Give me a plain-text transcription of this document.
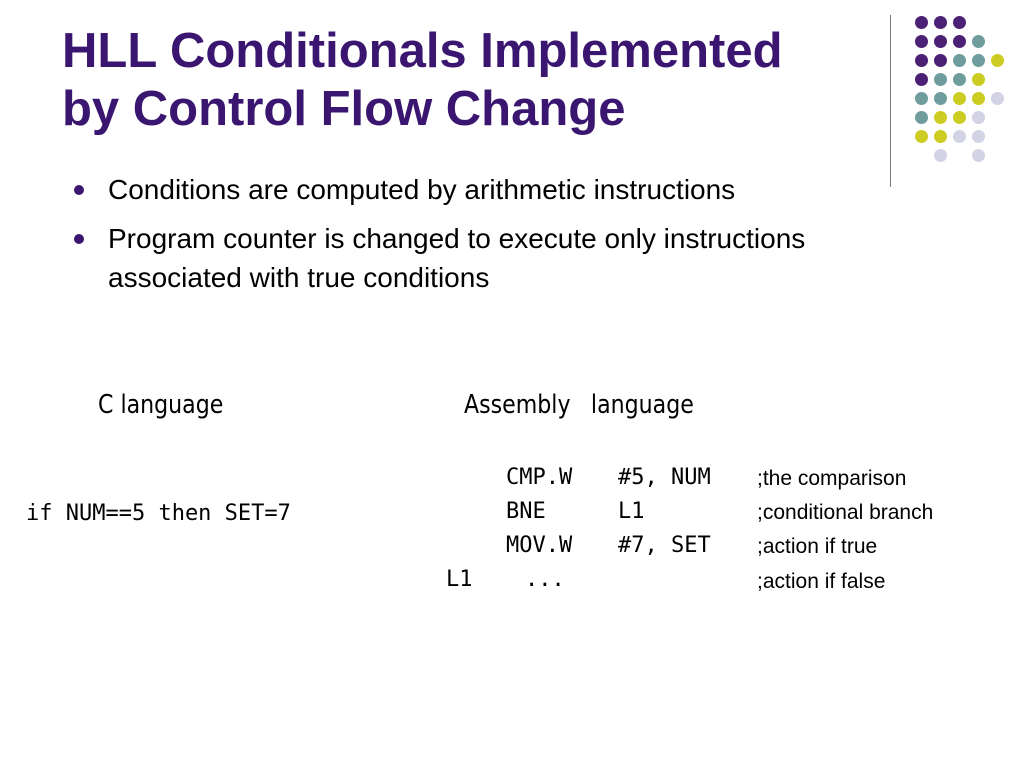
HLL Conditionals Implemented
by Control Flow Change
Conditions are computed by arithmetic instructions
Program counter is changed to execute only instructions associated with true conditions
C language	Assembly language
if NUM==5 then SET=7
CMP.W #5, NUM ;the comparison
BNE	L1	;conditional branch
MOV.W #7, SET ;action if true
L1 ...	;action if false
